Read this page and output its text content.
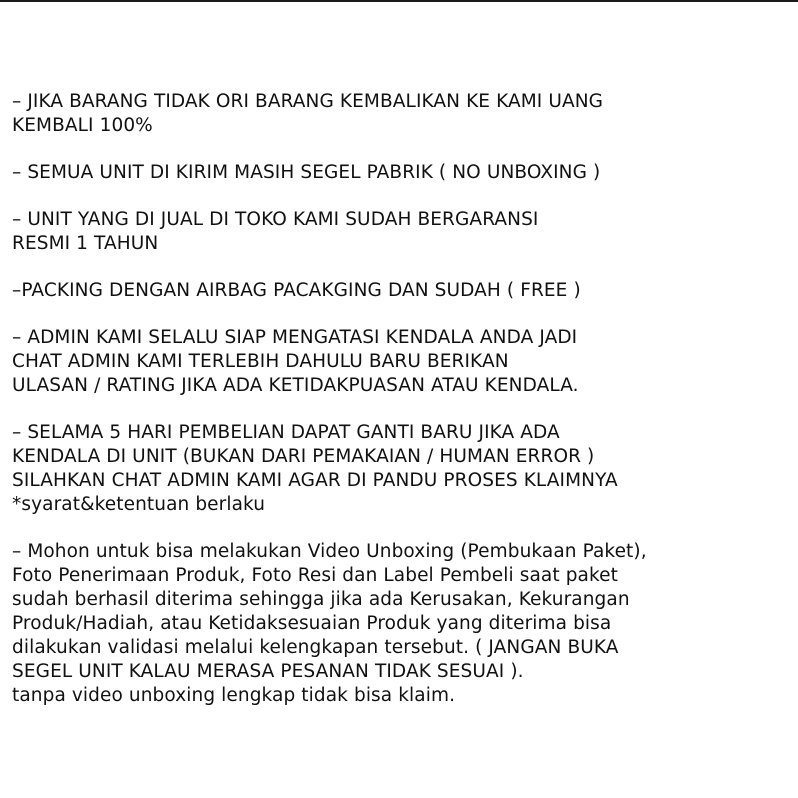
– JIKA BARANG TIDAK ORI BARANG KEMBALIKAN KE KAMI UANG
KEMBALI 100%
– SEMUA UNIT DI KIRIM MASIH SEGEL PABRIK ( NO UNBOXING )
– UNIT YANG DI JUAL DI TOKO KAMI SUDAH BERGARANSI
RESMI 1 TAHUN
–PACKING DENGAN AIRBAG PACAKGING DAN SUDAH ( FREE )
– ADMIN KAMI SELALU SIAP MENGATASI KENDALA ANDA JADI
CHAT ADMIN KAMI TERLEBIH DAHULU BARU BERIKAN
ULASAN / RATING JIKA ADA KETIDAKPUASAN ATAU KENDALA.
– SELAMA 5 HARI PEMBELIAN DAPAT GANTI BARU JIKA ADA
KENDALA DI UNIT (BUKAN DARI PEMAKAIAN / HUMAN ERROR )
SILAHKAN CHAT ADMIN KAMI AGAR DI PANDU PROSES KLAIMNYA
*syarat&ketentuan berlaku
– Mohon untuk bisa melakukan Video Unboxing (Pembukaan Paket),
Foto Penerimaan Produk, Foto Resi dan Label Pembeli saat paket
sudah berhasil diterima sehingga jika ada Kerusakan, Kekurangan
Produk/Hadiah, atau Ketidaksesuaian Produk yang diterima bisa
dilakukan validasi melalui kelengkapan tersebut. ( JANGAN BUKA
SEGEL UNIT KALAU MERASA PESANAN TIDAK SESUAI ).
tanpa video unboxing lengkap tidak bisa klaim.
